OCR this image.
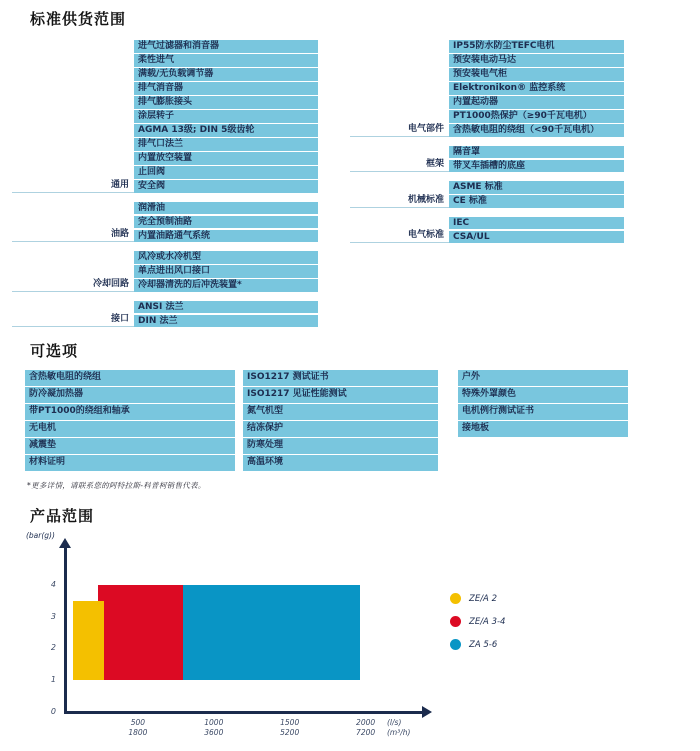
标准供货范围
通用
进气过滤器和消音器
柔性进气
满载/无负载调节器
排气消音器
排气膨胀接头
涂层转子
AGMA 13级; DIN 5级齿轮
排气口法兰
内置放空装置
止回阀
安全阀
油路
润滑油
完全预制油路
内置油路通气系统
冷却回路
风冷或水冷机型
单点进出风口接口
冷却器清洗的后冲洗装置*
接口
ANSI 法兰
DIN 法兰
电气部件
IP55防水防尘TEFC电机
预安装电动马达
预安装电气柜
Elektronikon® 监控系统
内置起动器
PT1000热保护（≥90千瓦电机）
含热敏电阻的绕组（<90千瓦电机）
框架
隔音罩
带叉车插槽的底座
机械标准
ASME 标准
CE 标准
电气标准
IEC
CSA/UL
可选项
含热敏电阻的绕组
防冷凝加热器
带PT1000的绕组和轴承
无电机
减震垫
材料证明
ISO1217 测试证书
ISO1217 见证性能测试
氮气机型
结冻保护
防寒处理
高温环境
户外
特殊外罩颜色
电机例行测试证书
接地板
*更多详情，请联系您的阿特拉斯-科普柯销售代表。
产品范围
(bar(g))
0
1
2
3
4
500
1800
1000
3600
1500
5200
2000
7200
(l/s)
(m³/h)
ZE/A 2
ZE/A 3-4
ZA 5-6
